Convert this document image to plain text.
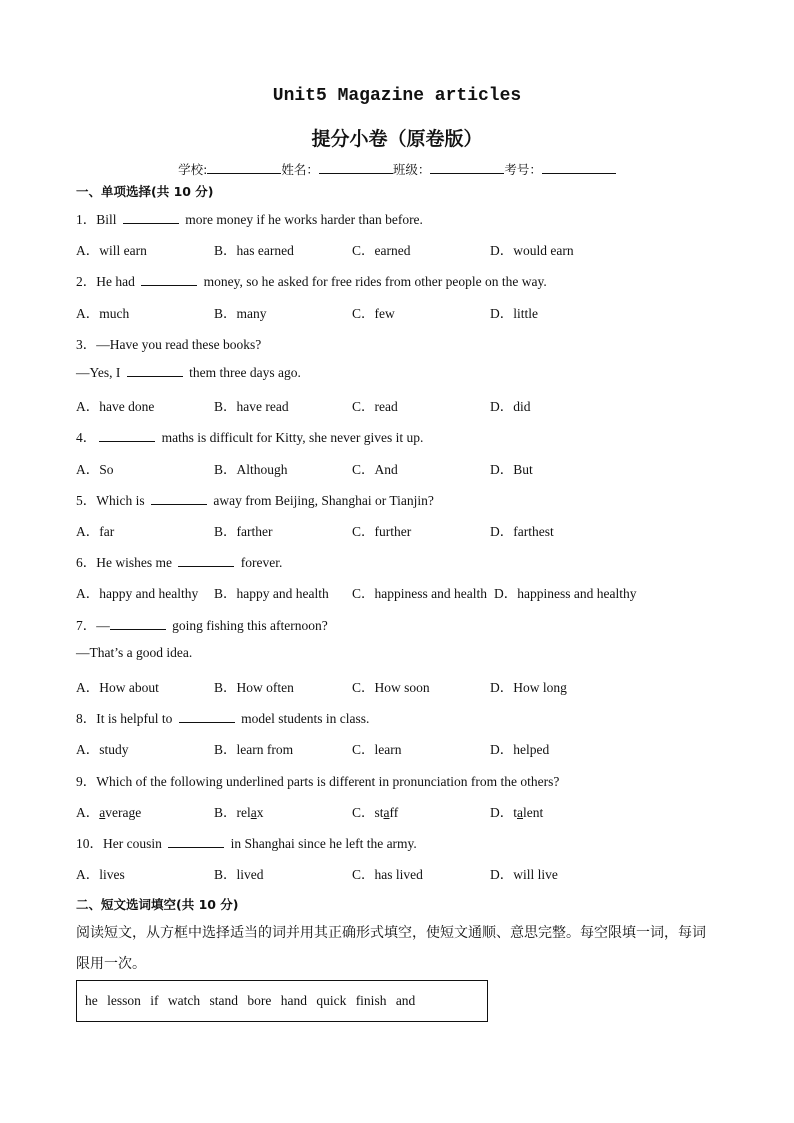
Unit5 Magazine articles
提分小卷（原卷版）
学校:	姓名：	班级：	考号：
一、单项选择(共 10 分)
1．Bill	more money if he works harder than before.
A．will earn	B．has earned	C．earned	D．would earn
2．He had	money, so he asked for free rides from other people on the way.
A．much	B．many	C．few	D．little
3．—Have you read these books?
—Yes, I	them three days ago.
A．have done	B．have read	C．read	D．did
4．	maths is difficult for Kitty, she never gives it up.
A．So	B．Although	C．And	D．But
5．Which is	away from Beijing, Shanghai or Tianjin?
A．far	B．farther	C．further	D．farthest
6．He wishes me	forever.
A．happy and healthy B．happy and health C．happiness and health D．happiness and healthy
7．—	going fishing this afternoon?
—That’s a good idea.
A．How about	B．How often	C．How soon	D．How long
8．It is helpful to	model students in class.
A．study	B．learn from	C．learn	D．helped
9．Which of the following underlined parts is different in pronunciation from the others?
A．average	B．relax	C．staff	D．talent
10．Her cousin	in Shanghai since he left the army.
A．lives	B．lived	C．has lived	D．will live
二、短文选词填空(共 10 分)
阅读短文，从方框中选择适当的词并用其正确形式填空，使短文通顺、意思完整。每空限填一词，每词限用一次。
he lesson if watch stand bore hand quick finish and
